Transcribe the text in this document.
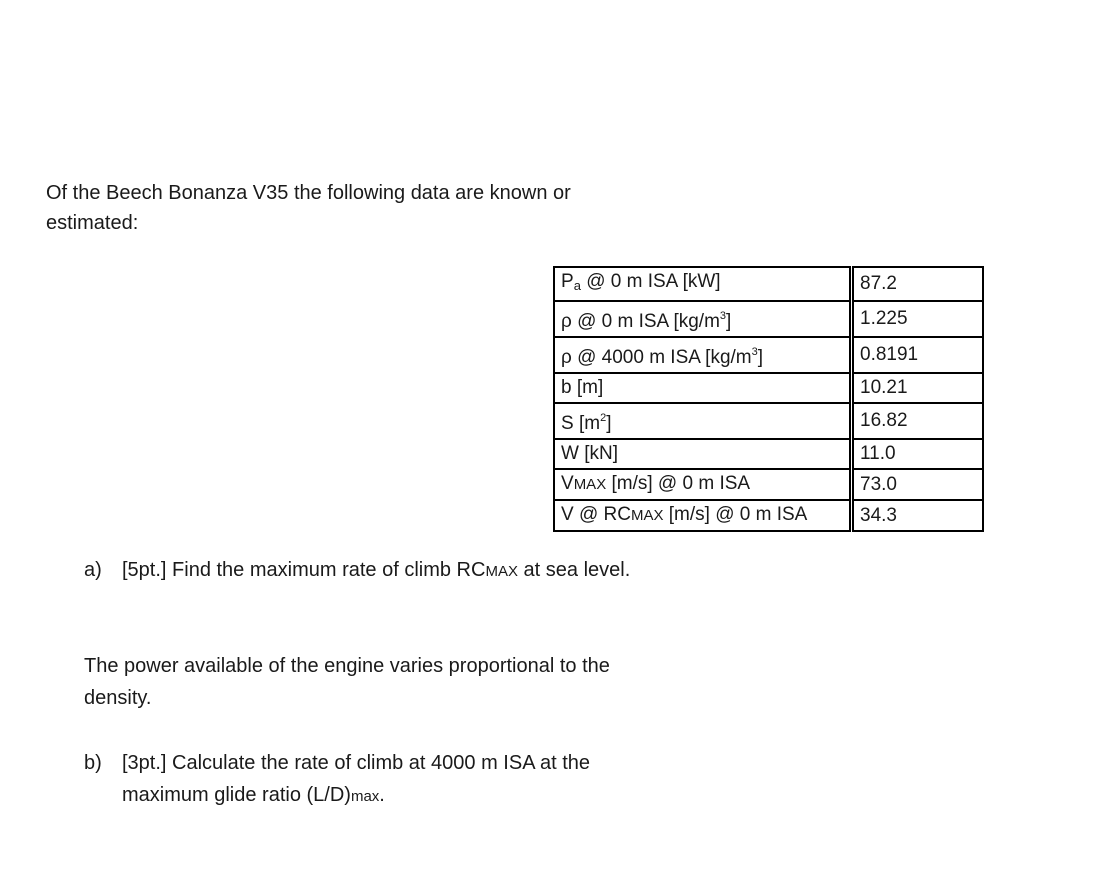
Of the Beech Bonanza V35 the following data are known or
estimated:

$P_a$ @ 0 m ISA [kW]		87.2
ρ @ 0 m ISA $[kg/m^3]$		1.225
ρ @ 4000 m ISA $[kg/m^3]$		0.8191
b [m]		10.21
S $[m^2]$		16.82
W [kN]		11.0
VMAX [m/s] @ 0 m ISA		73.0
V @ RCMAX [m/s] @ 0 m ISA		34.3

a) [5pt.] Find the maximum rate of climb RCMAX at sea level.

The power available of the engine varies proportional to the
density.

b) [3pt.] Calculate the rate of climb at 4000 m ISA at the
maximum glide ratio (L/D)max.
